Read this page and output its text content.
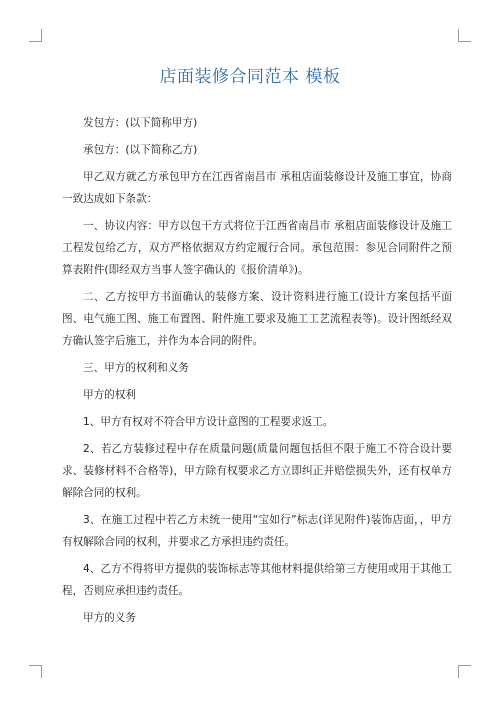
店面装修合同范本 模板

发包方：(以下简称甲方)

承包方：(以下简称乙方)

甲乙双方就乙方承包甲方在江西省南昌市 承租店面装修设计及施工事宜，协商一致达成如下条款：

一、协议内容：甲方以包干方式将位于江西省南昌市 承租店面装修设计及施工工程发包给乙方，双方严格依据双方约定履行合同。承包范围：参见合同附件之预算表附件(即经双方当事人签字确认的《报价清单》)。

二、乙方按甲方书面确认的装修方案、设计资料进行施工(设计方案包括平面图、电气施工图、施工布置图、附件施工要求及施工工艺流程表等)。设计图纸经双方确认签字后施工，并作为本合同的附件。

三、甲方的权利和义务

甲方的权利

1、甲方有权对不符合甲方设计意图的工程要求返工。

2、若乙方装修过程中存在质量问题(质量问题包括但不限于施工不符合设计要求、装修材料不合格等)，甲方除有权要求乙方立即纠正并赔偿损失外，还有权单方解除合同的权利。

3、在施工过程中若乙方未统一使用“宝如行”标志(详见附件)装饰店面，，甲方有权解除合同的权利，并要求乙方承担违约责任。

4、乙方不得将甲方提供的装饰标志等其他材料提供给第三方使用或用于其他工程，否则应承担违约责任。

甲方的义务
